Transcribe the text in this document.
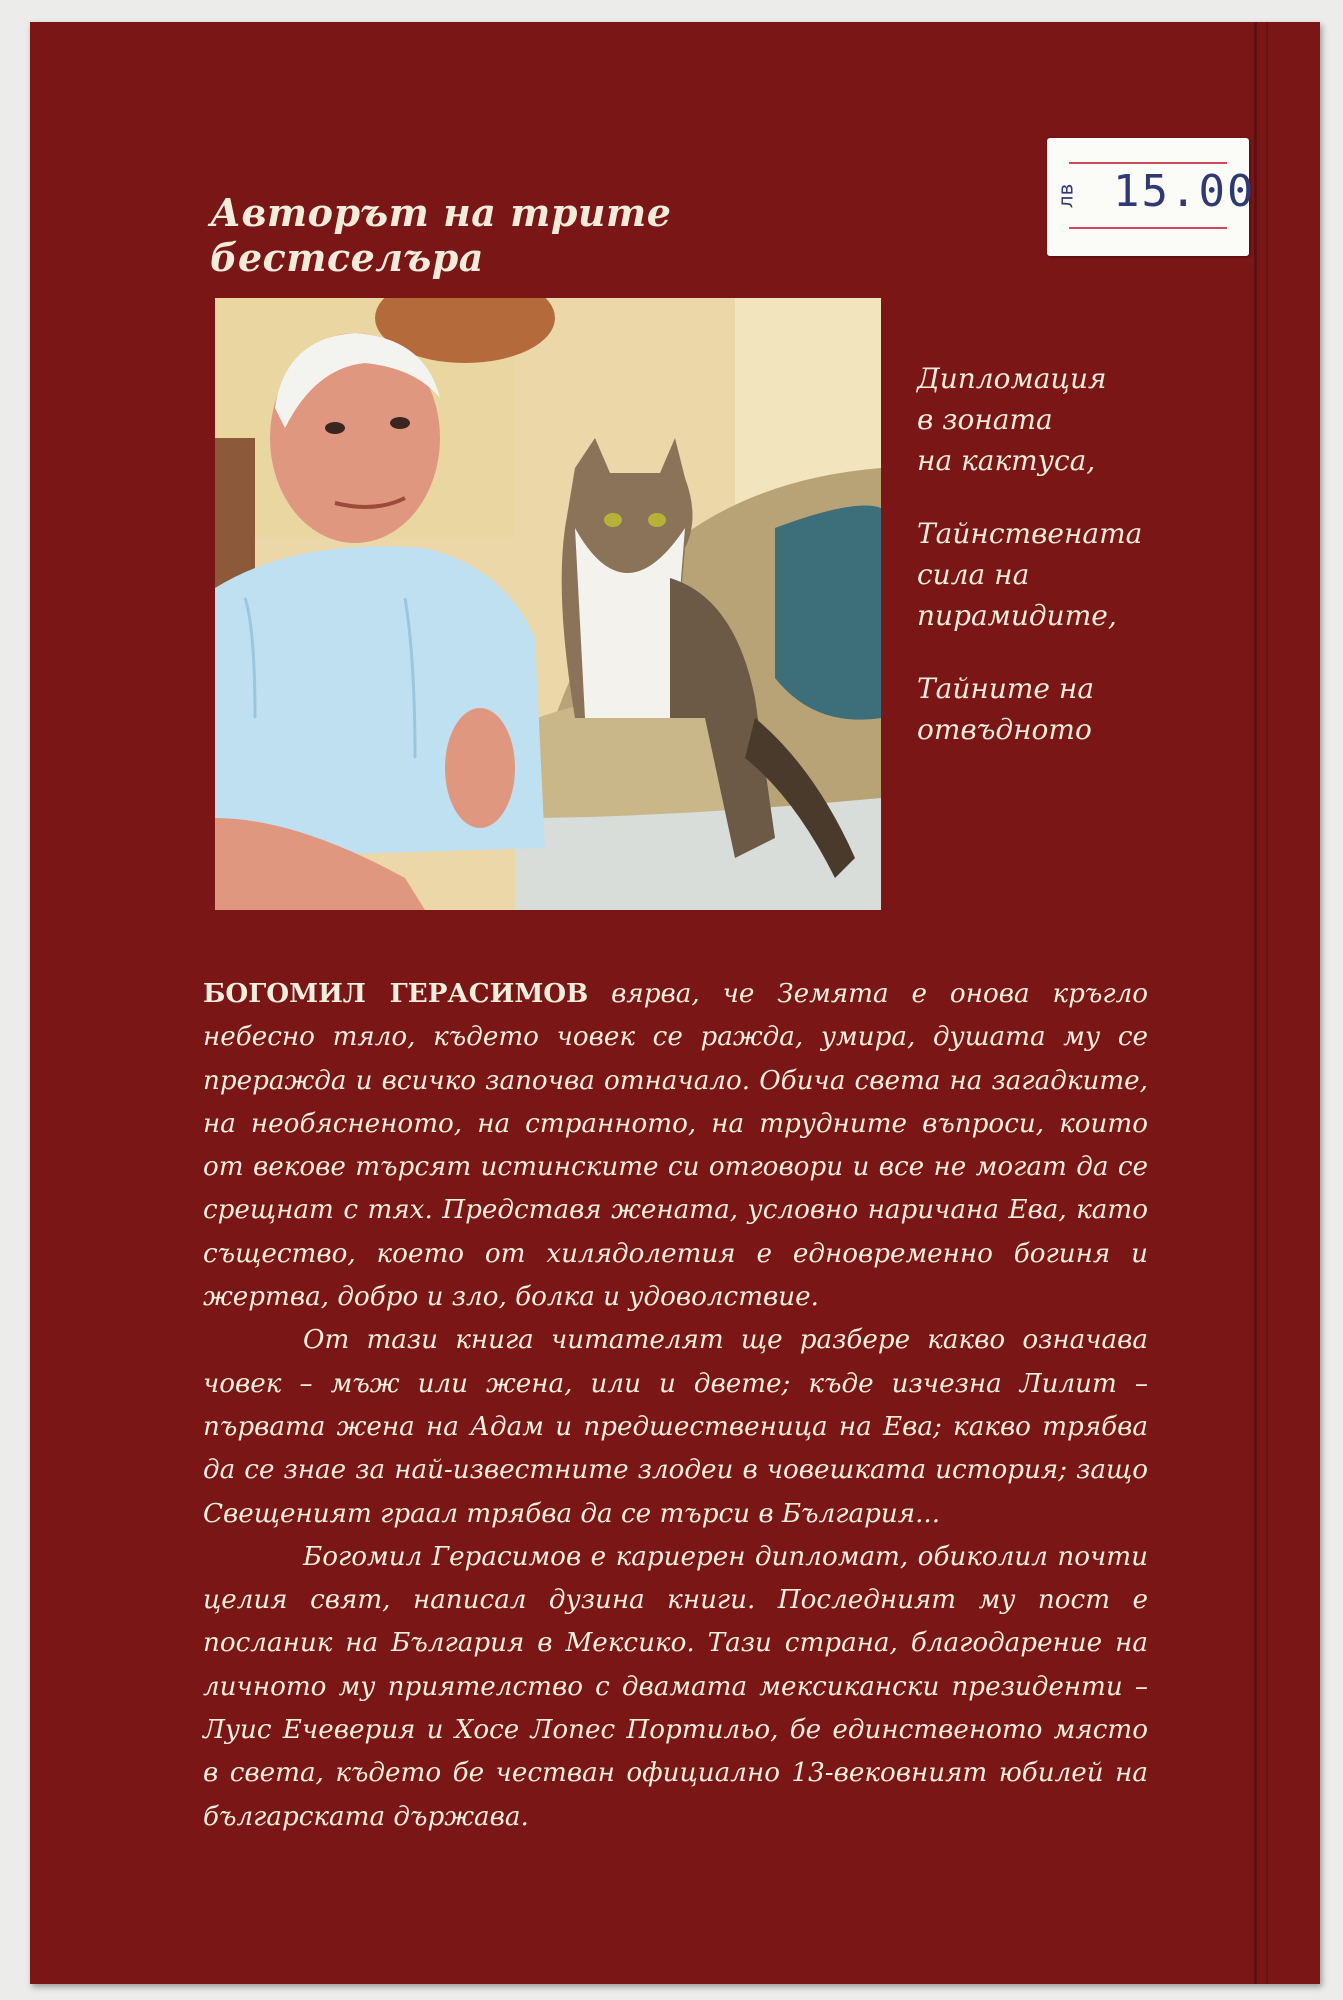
лв 15.00
Авторът на трите бестселъра
Дипломация
в зоната
на кактуса,
Тайнствената
сила на
пирамидите,
Тайните на
отвъдното

БОГОМИЛ ГЕРАСИМОВ вярва, че Земята е онова кръгло небесно тяло, където човек се ражда, умира, душата му се преражда и всичко започва отначало. Обича света на загадките, на необясненото, на странното, на трудните въпроси, които от векове търсят истинските си отговори и все не могат да се срещнат с тях. Представя жената, условно наричана Ева, като същество, което от хилядолетия е едновременно богиня и жертва, добро и зло, болка и удоволствие.

От тази книга читателят ще разбере какво означава човек – мъж или жена, или и двете; къде изчезна Лилит – първата жена на Адам и предшественица на Ева; какво трябва да се знае за най-известните злодеи в човешката история; защо Свещеният граал трябва да се търси в България...

Богомил Герасимов е кариерен дипломат, обиколил почти целия свят, написал дузина книги. Последният му пост е посланик на България в Мексико. Тази страна, благодарение на личното му приятелство с двамата мексикански президенти – Луис Ечеверия и Хосе Лопес Портильо, бе единственото място в света, където бе честван официално 13-вековният юбилей на българската държава.
